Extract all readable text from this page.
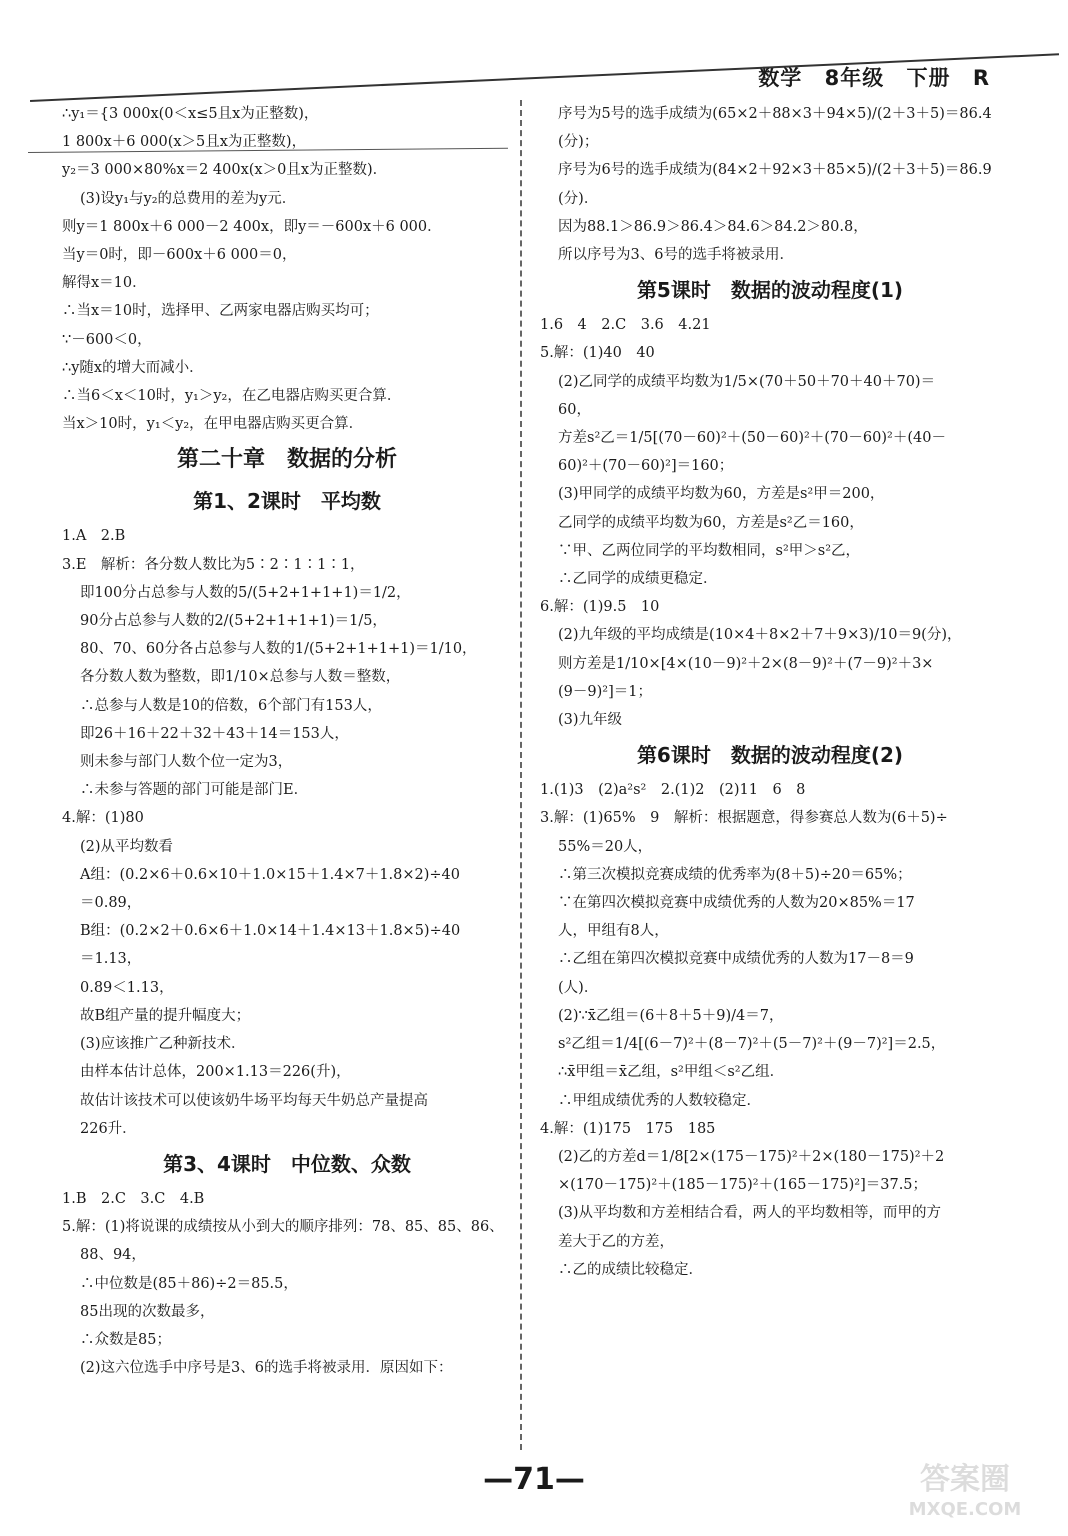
数学 8年级 下册 R
∴y₁＝{3 000x(0＜x≤5且x为正整数)，
1 800x＋6 000(x＞5且x为正整数)，
y₂＝3 000×80%x＝2 400x(x＞0且x为正整数)．
(3)设y₁与y₂的总费用的差为y元．
则y＝1 800x＋6 000－2 400x，即y＝－600x＋6 000．
当y＝0时，即－600x＋6 000＝0，
解得x＝10．
∴当x＝10时，选择甲、乙两家电器店购买均可；
∵－600＜0，
∴y随x的增大而减小．
∴当6＜x＜10时，y₁＞y₂，在乙电器店购买更合算．
当x＞10时，y₁＜y₂，在甲电器店购买更合算．
第二十章　数据的分析
第1、2课时　平均数
1.A　2.B
3.E　解析：各分数人数比为5∶2∶1∶1∶1，
即100分占总参与人数的5/(5+2+1+1+1)＝1/2，
90分占总参与人数的2/(5+2+1+1+1)＝1/5，
80、70、60分各占总参与人数的1/(5+2+1+1+1)＝1/10，
各分数人数为整数，即1/10×总参与人数＝整数，
∴总参与人数是10的倍数，6个部门有153人，
即26＋16＋22＋32＋43＋14＝153人，
则未参与部门人数个位一定为3，
∴未参与答题的部门可能是部门E．
4.解：(1)80
(2)从平均数看
A组：(0.2×6＋0.6×10＋1.0×15＋1.4×7＋1.8×2)÷40
＝0.89，
B组：(0.2×2＋0.6×6＋1.0×14＋1.4×13＋1.8×5)÷40
＝1.13，
0.89＜1.13，
故B组产量的提升幅度大；
(3)应该推广乙种新技术．
由样本估计总体，200×1.13＝226(升)，
故估计该技术可以使该奶牛场平均每天牛奶总产量提高
226升．
第3、4课时　中位数、众数
1.B　2.C　3.C　4.B
5.解：(1)将说课的成绩按从小到大的顺序排列：78、85、85、86、
88、94，
∴中位数是(85＋86)÷2＝85.5，
85出现的次数最多，
∴众数是85；
(2)这六位选手中序号是3、6的选手将被录用．原因如下：
序号为5号的选手成绩为(65×2＋88×3＋94×5)/(2＋3＋5)＝86.4
(分)；
序号为6号的选手成绩为(84×2＋92×3＋85×5)/(2＋3＋5)＝86.9
(分)．
因为88.1＞86.9＞86.4＞84.6＞84.2＞80.8，
所以序号为3、6号的选手将被录用．
第5课时　数据的波动程度(1)
1.6　4　2.C　3.6　4.21
5.解：(1)40　40
(2)乙同学的成绩平均数为1/5×(70＋50＋70＋40＋70)＝
60，
方差s²乙＝1/5[(70－60)²＋(50－60)²＋(70－60)²＋(40－
60)²＋(70－60)²]＝160；
(3)甲同学的成绩平均数为60，方差是s²甲＝200，
乙同学的成绩平均数为60，方差是s²乙＝160，
∵甲、乙两位同学的平均数相同，s²甲＞s²乙，
∴乙同学的成绩更稳定．
6.解：(1)9.5　10
(2)九年级的平均成绩是(10×4＋8×2＋7＋9×3)/10＝9(分)，
则方差是1/10×[4×(10－9)²＋2×(8－9)²＋(7－9)²＋3×
(9－9)²]＝1；
(3)九年级
第6课时　数据的波动程度(2)
1.(1)3　(2)a²s²　2.(1)2　(2)11　6　8
3.解：(1)65%　9　解析：根据题意，得参赛总人数为(6＋5)÷
55%＝20人，
∴第三次模拟竞赛成绩的优秀率为(8＋5)÷20＝65%；
∵在第四次模拟竞赛中成绩优秀的人数为20×85%＝17
人，甲组有8人，
∴乙组在第四次模拟竞赛中成绩优秀的人数为17－8＝9
(人)．
(2)∵x̄乙组＝(6＋8＋5＋9)/4＝7，
s²乙组＝1/4[(6－7)²＋(8－7)²＋(5－7)²＋(9－7)²]＝2.5，
∴x̄甲组＝x̄乙组，s²甲组＜s²乙组．
∴甲组成绩优秀的人数较稳定．
4.解：(1)175　175　185
(2)乙的方差d＝1/8[2×(175－175)²＋2×(180－175)²＋2
×(170－175)²＋(185－175)²＋(165－175)²]＝37.5；
(3)从平均数和方差相结合看，两人的平均数相等，而甲的方
差大于乙的方差，
∴乙的成绩比较稳定．
—71—	答案圈
MXQE.COM
